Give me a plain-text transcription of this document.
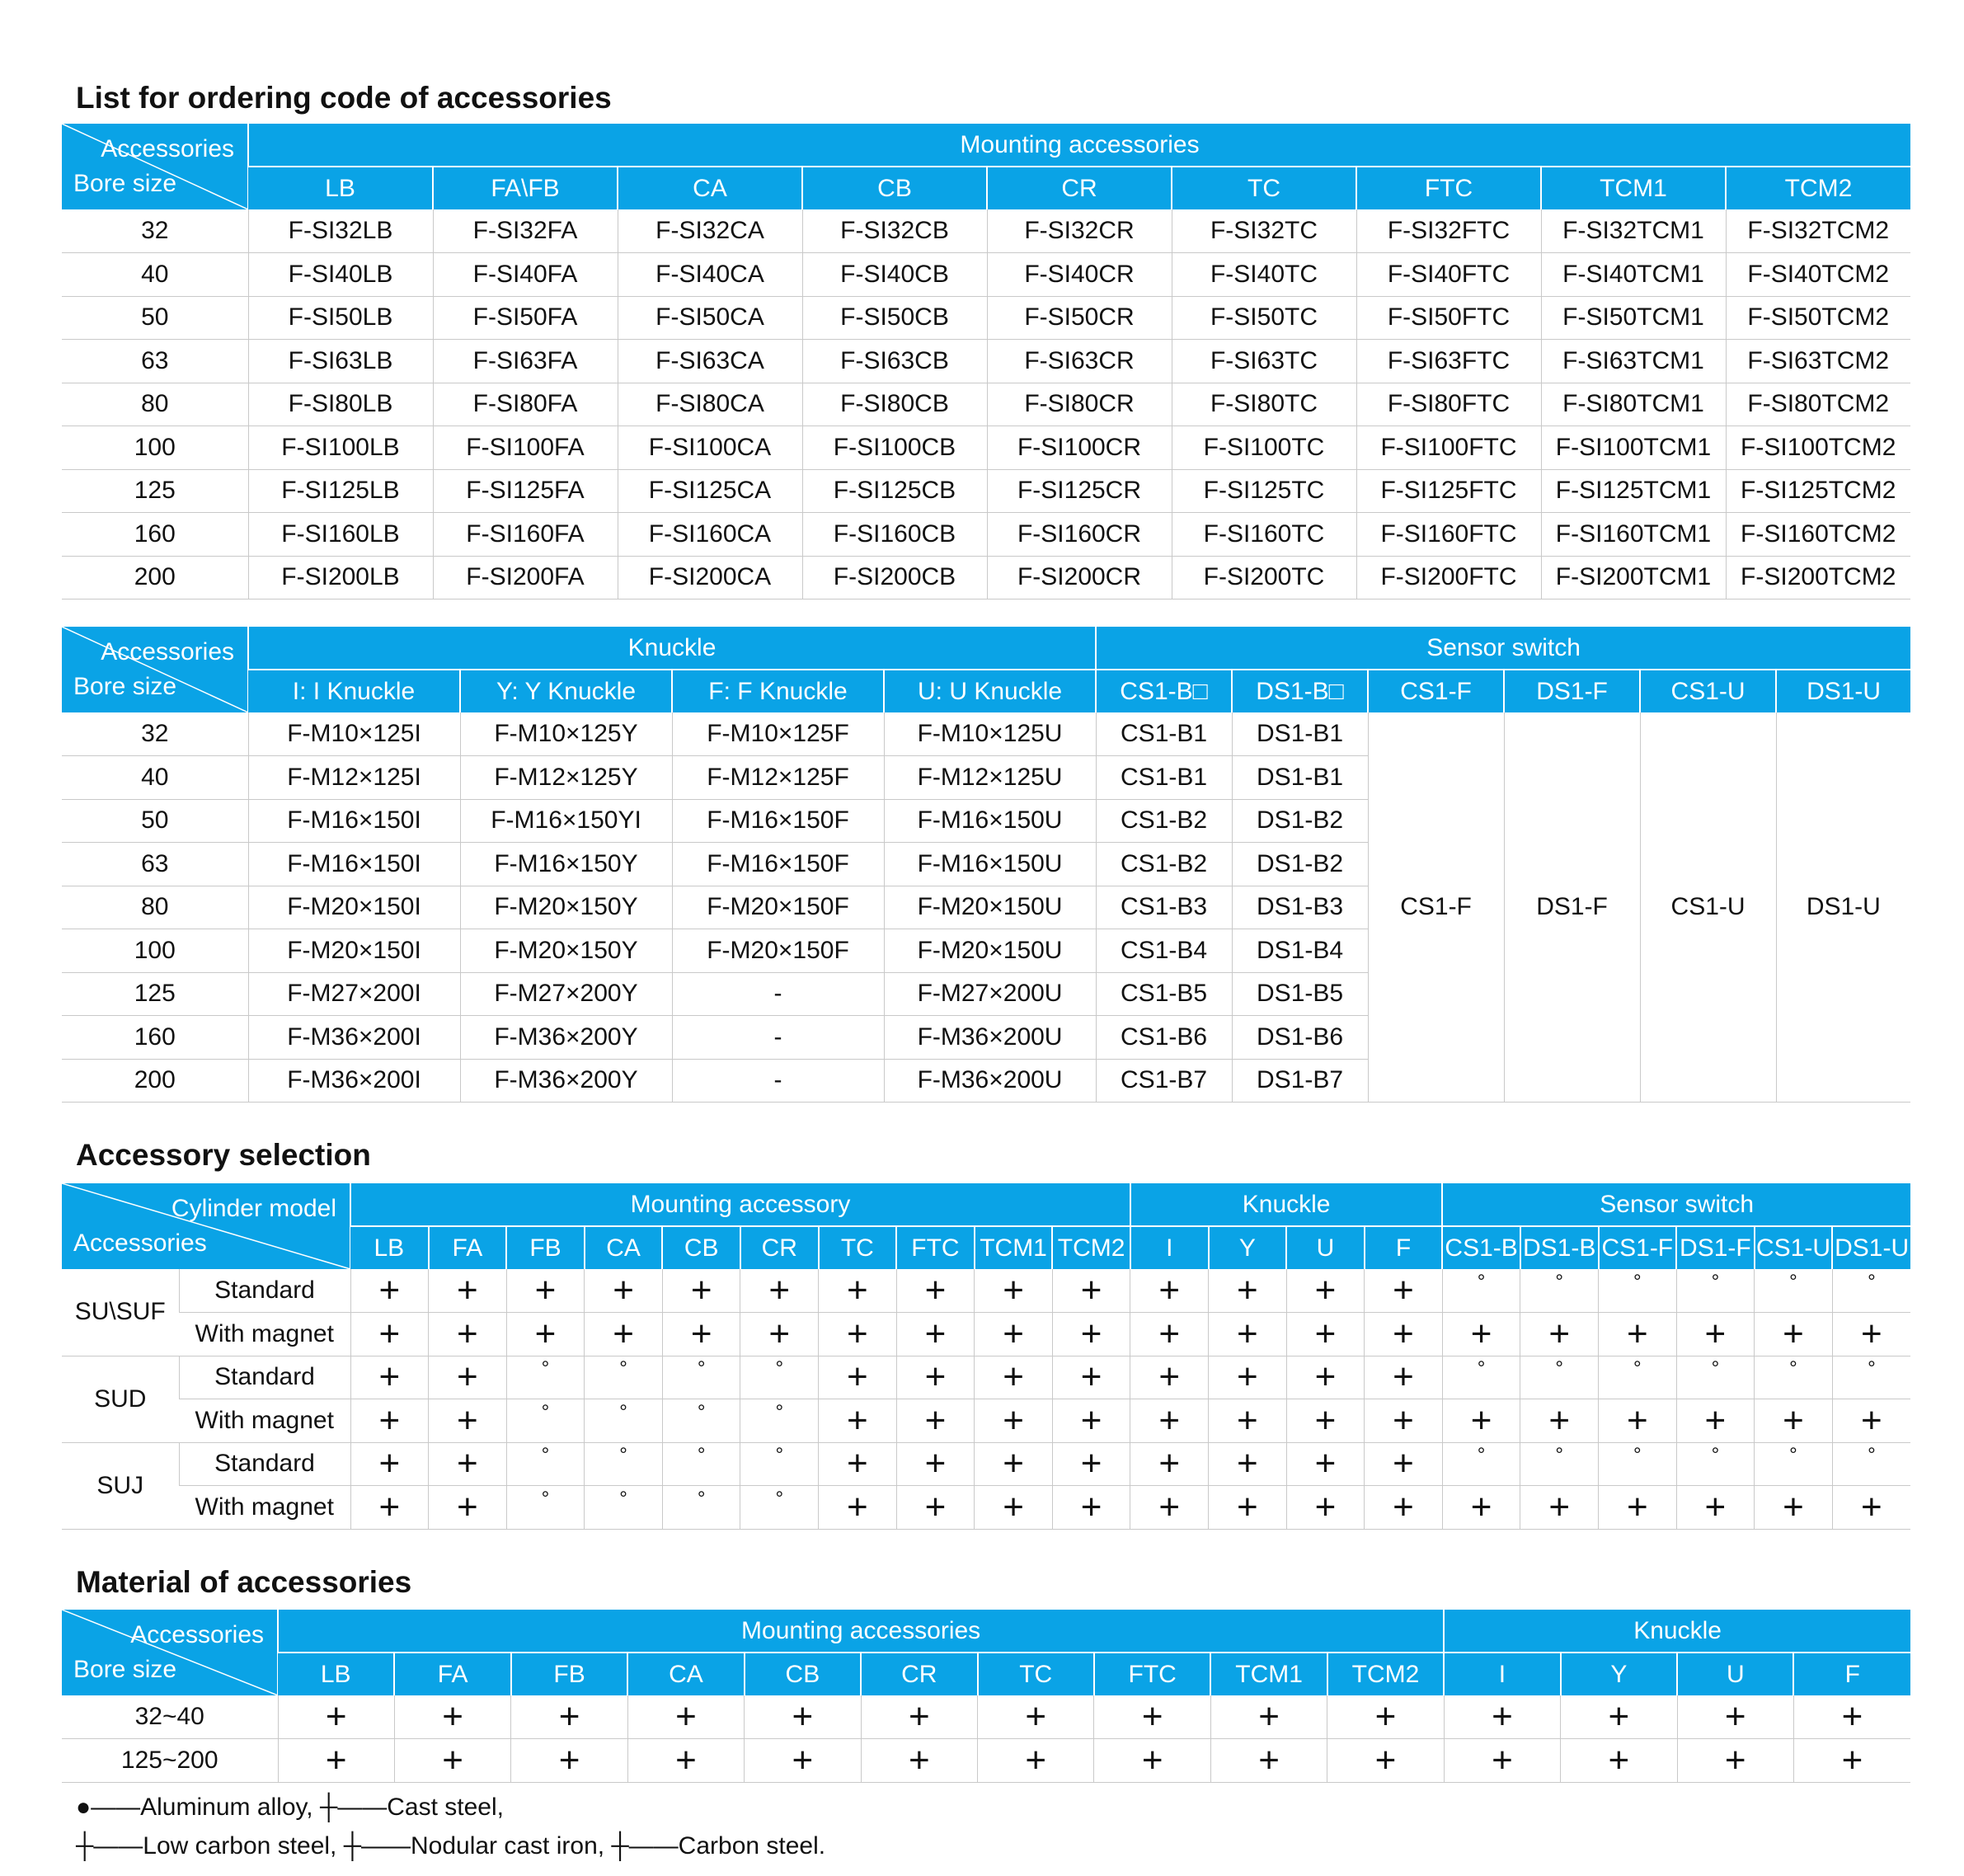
List for ordering code of accessories
Accessories
Bore size	Mounting accessories								
	LB	FA\FB	CA	CB	CR	TC	FTC	TCM1	TCM2
32	F-SI32LB	F-SI32FA	F-SI32CA	F-SI32CB	F-SI32CR	F-SI32TC	F-SI32FTC	F-SI32TCM1	F-SI32TCM2
40	F-SI40LB	F-SI40FA	F-SI40CA	F-SI40CB	F-SI40CR	F-SI40TC	F-SI40FTC	F-SI40TCM1	F-SI40TCM2
50	F-SI50LB	F-SI50FA	F-SI50CA	F-SI50CB	F-SI50CR	F-SI50TC	F-SI50FTC	F-SI50TCM1	F-SI50TCM2
63	F-SI63LB	F-SI63FA	F-SI63CA	F-SI63CB	F-SI63CR	F-SI63TC	F-SI63FTC	F-SI63TCM1	F-SI63TCM2
80	F-SI80LB	F-SI80FA	F-SI80CA	F-SI80CB	F-SI80CR	F-SI80TC	F-SI80FTC	F-SI80TCM1	F-SI80TCM2
100	F-SI100LB	F-SI100FA	F-SI100CA	F-SI100CB	F-SI100CR	F-SI100TC	F-SI100FTC	F-SI100TCM1	F-SI100TCM2
125	F-SI125LB	F-SI125FA	F-SI125CA	F-SI125CB	F-SI125CR	F-SI125TC	F-SI125FTC	F-SI125TCM1	F-SI125TCM2
160	F-SI160LB	F-SI160FA	F-SI160CA	F-SI160CB	F-SI160CR	F-SI160TC	F-SI160FTC	F-SI160TCM1	F-SI160TCM2
200	F-SI200LB	F-SI200FA	F-SI200CA	F-SI200CB	F-SI200CR	F-SI200TC	F-SI200FTC	F-SI200TCM1	F-SI200TCM2
Accessories
Bore size	Knuckle				Sensor switch					
	I: I Knuckle	Y: Y Knuckle	F: F Knuckle	U: U Knuckle	CS1-B□	DS1-B□	CS1-F	DS1-F	CS1-U	DS1-U
32	F-M10×125I	F-M10×125Y	F-M10×125F	F-M10×125U	CS1-B1	DS1-B1	CS1-F	DS1-F	CS1-U	DS1-U
40	F-M12×125I	F-M12×125Y	F-M12×125F	F-M12×125U	CS1-B1	DS1-B1				
50	F-M16×150I	F-M16×150YI	F-M16×150F	F-M16×150U	CS1-B2	DS1-B2				
63	F-M16×150I	F-M16×150Y	F-M16×150F	F-M16×150U	CS1-B2	DS1-B2				
80	F-M20×150I	F-M20×150Y	F-M20×150F	F-M20×150U	CS1-B3	DS1-B3				
100	F-M20×150I	F-M20×150Y	F-M20×150F	F-M20×150U	CS1-B4	DS1-B4				
125	F-M27×200I	F-M27×200Y	-	F-M27×200U	CS1-B5	DS1-B5				
160	F-M36×200I	F-M36×200Y	-	F-M36×200U	CS1-B6	DS1-B6				
200	F-M36×200I	F-M36×200Y	-	F-M36×200U	CS1-B7	DS1-B7				
Accessory selection
Cylinder model
Accessories		Mounting accessory										Knuckle				Sensor switch					
		LB	FA	FB	CA	CB	CR	TC	FTC	TCM1	TCM2	I	Y	U	F	CS1-B	DS1-B	CS1-F	DS1-F	CS1-U	DS1-U
SU\SUF	Standard	+	+	+	+	+	+	+	+	+	+	+	+	+	+	°	°	°	°	°	°
	With magnet	+	+	+	+	+	+	+	+	+	+	+	+	+	+	+	+	+	+	+	+
SUD	Standard	+	+	°	°	°	°	+	+	+	+	+	+	+	+	°	°	°	°	°	°
	With magnet	+	+	°	°	°	°	+	+	+	+	+	+	+	+	+	+	+	+	+	+
SUJ	Standard	+	+	°	°	°	°	+	+	+	+	+	+	+	+	°	°	°	°	°	°
	With magnet	+	+	°	°	°	°	+	+	+	+	+	+	+	+	+	+	+	+	+	+
Material of accessories
Accessories
Bore size	Mounting accessories										Knuckle			
	LB	FA	FB	CA	CB	CR	TC	FTC	TCM1	TCM2	I	Y	U	F
32~40	+	+	+	+	+	+	+	+	+	+	+	+	+	+
125~200	+	+	+	+	+	+	+	+	+	+	+	+	+	+
●——Aluminum alloy, ┼——Cast steel,
┼——Low carbon steel, ┼——Nodular cast iron, ┼——Carbon steel.
